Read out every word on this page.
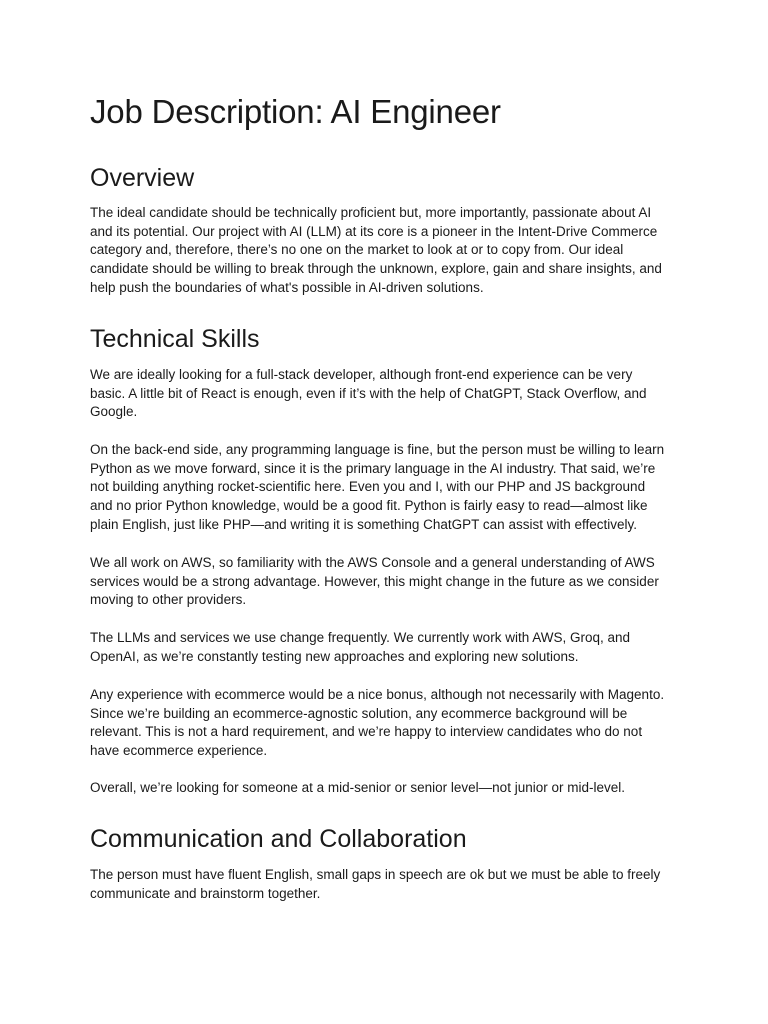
Job Description: AI Engineer
Overview

The ideal candidate should be technically proficient but, more importantly, passionate about AI
and its potential. Our project with AI (LLM) at its core is a pioneer in the Intent-Drive Commerce
category and, therefore, there’s no one on the market to look at or to copy from. Our ideal
candidate should be willing to break through the unknown, explore, gain and share insights, and
help push the boundaries of what's possible in AI-driven solutions.

Technical Skills

We are ideally looking for a full-stack developer, although front-end experience can be very
basic. A little bit of React is enough, even if it’s with the help of ChatGPT, Stack Overflow, and
Google.

On the back-end side, any programming language is fine, but the person must be willing to learn
Python as we move forward, since it is the primary language in the AI industry. That said, we’re
not building anything rocket-scientific here. Even you and I, with our PHP and JS background
and no prior Python knowledge, would be a good fit. Python is fairly easy to read—almost like
plain English, just like PHP—and writing it is something ChatGPT can assist with effectively.

We all work on AWS, so familiarity with the AWS Console and a general understanding of AWS
services would be a strong advantage. However, this might change in the future as we consider
moving to other providers.

The LLMs and services we use change frequently. We currently work with AWS, Groq, and
OpenAI, as we’re constantly testing new approaches and exploring new solutions.

Any experience with ecommerce would be a nice bonus, although not necessarily with Magento.
Since we’re building an ecommerce-agnostic solution, any ecommerce background will be
relevant. This is not a hard requirement, and we’re happy to interview candidates who do not
have ecommerce experience.

Overall, we’re looking for someone at a mid-senior or senior level—not junior or mid-level.

Communication and Collaboration

The person must have fluent English, small gaps in speech are ok but we must be able to freely
communicate and brainstorm together.
